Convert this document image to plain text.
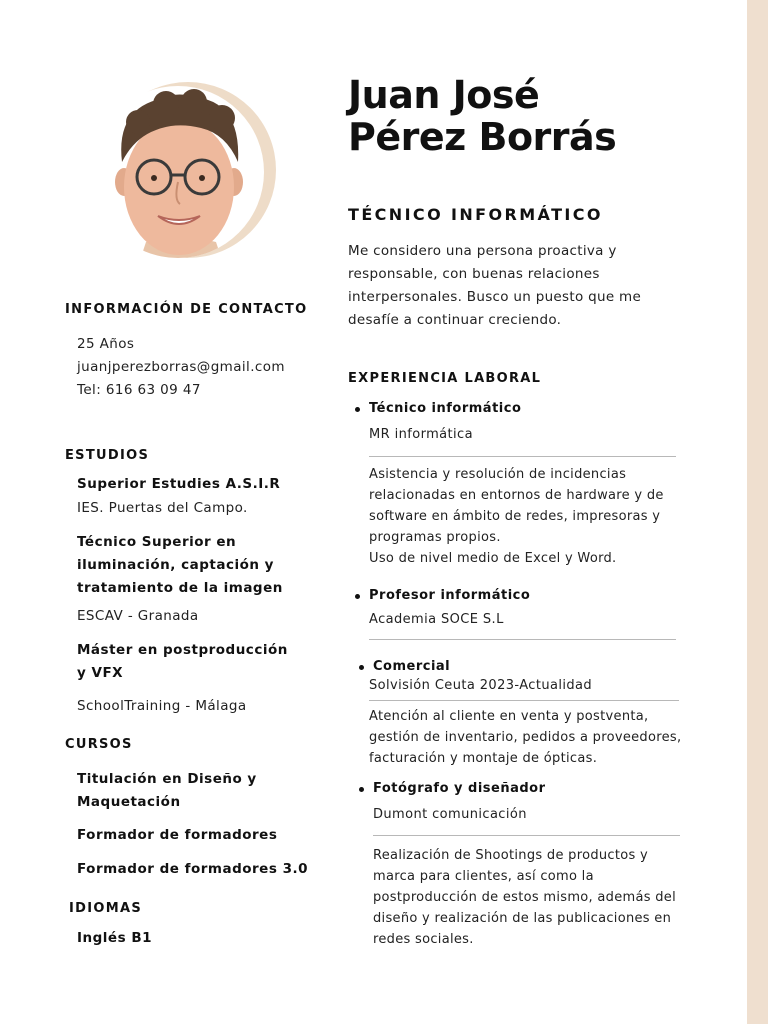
Juan José
Pérez Borrás
TÉCNICO INFORMÁTICO

Me considero una persona proactiva y responsable, con buenas relaciones interpersonales. Busco un puesto que me desafíe a continuar creciendo.

INFORMACIÓN DE CONTACTO
25 Años
juanjperezborras@gmail.com
Tel: 616 63 09 47
ESTUDIOS
Superior Estudies A.S.I.R
IES. Puertas del Campo.
Técnico Superior en
iluminación, captación y
tratamiento de la imagen
ESCAV - Granada
Máster en postproducción
y VFX
SchoolTraining - Málaga
CURSOS
Titulación en Diseño y
Maquetación
Formador de formadores
Formador de formadores 3.0
IDIOMAS
Inglés B1
EXPERIENCIA LABORAL
Técnico informático
MR informática

Asistencia y resolución de incidencias
relacionadas en entornos de hardware y de
software en ámbito de redes, impresoras y
programas propios.
Uso de nivel medio de Excel y Word.

Profesor informático
Academia SOCE S.L
Comercial
Solvisión Ceuta 2023-Actualidad

Atención al cliente en venta y postventa,
gestión de inventario, pedidos a proveedores,
facturación y montaje de ópticas.

Fotógrafo y diseñador
Dumont comunicación

Realización de Shootings de productos y
marca para clientes, así como la
postproducción de estos mismo, además del
diseño y realización de las publicaciones en
redes sociales.
